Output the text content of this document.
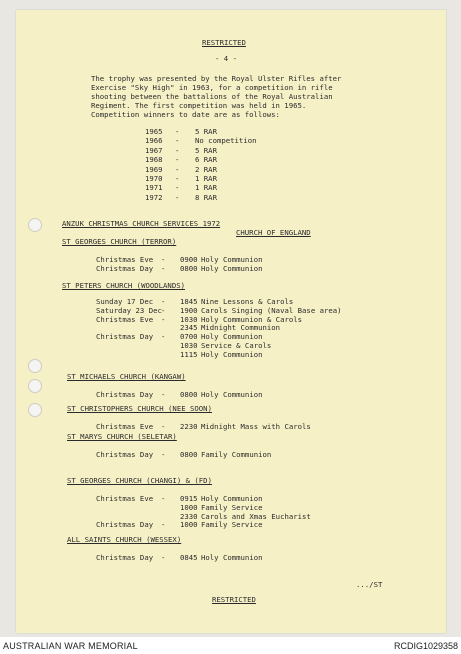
RESTRICTED
- 4 -
The trophy was presented by the Royal Ulster Rifles after
Exercise "Sky High" in 1963, for a competition in rifle
shooting between the battalions of the Royal Australian
Regiment. The first competition was held in 1965.
Competition winners to date are as follows:
1965 - 5 RAR
1966 - No competition
1967 - 5 RAR
1968 - 6 RAR
1969 - 2 RAR
1970 - 1 RAR
1971 - 1 RAR
1972 - 8 RAR
ANZUK CHRISTMAS CHURCH SERVICES 1972
CHURCH OF ENGLAND
ST GEORGES CHURCH (TERROR)
Christmas Eve - 0900 Holy Communion
Christmas Day - 0800 Holy Communion
ST PETERS CHURCH (WOODLANDS)
Sunday 17 Dec - 1845 Nine Lessons & Carols
Saturday 23 Dec - 1900 Carols Singing (Naval Base area)
Christmas Eve - 1030 Holy Communion & Carols
2345 Midnight Communion
Christmas Day - 0700 Holy Communion
1030 Service & Carols
1115 Holy Communion
ST MICHAELS CHURCH (KANGAW)
Christmas Day - 0800 Holy Communion
ST CHRISTOPHERS CHURCH (NEE SOON)
Christmas Eve - 2230 Midnight Mass with Carols
ST MARYS CHURCH (SELETAR)
Christmas Day - 0800 Family Communion
ST GEORGES CHURCH (CHANGI) & (FD)
Christmas Eve - 0915 Holy Communion
1000 Family Service
2330 Carols and Xmas Eucharist
Christmas Day - 1000 Family Service
ALL SAINTS CHURCH (WESSEX)
Christmas Day - 0845 Holy Communion
.../ST
RESTRICTED
AUSTRALIAN WAR MEMORIAL	RCDIG1029358
